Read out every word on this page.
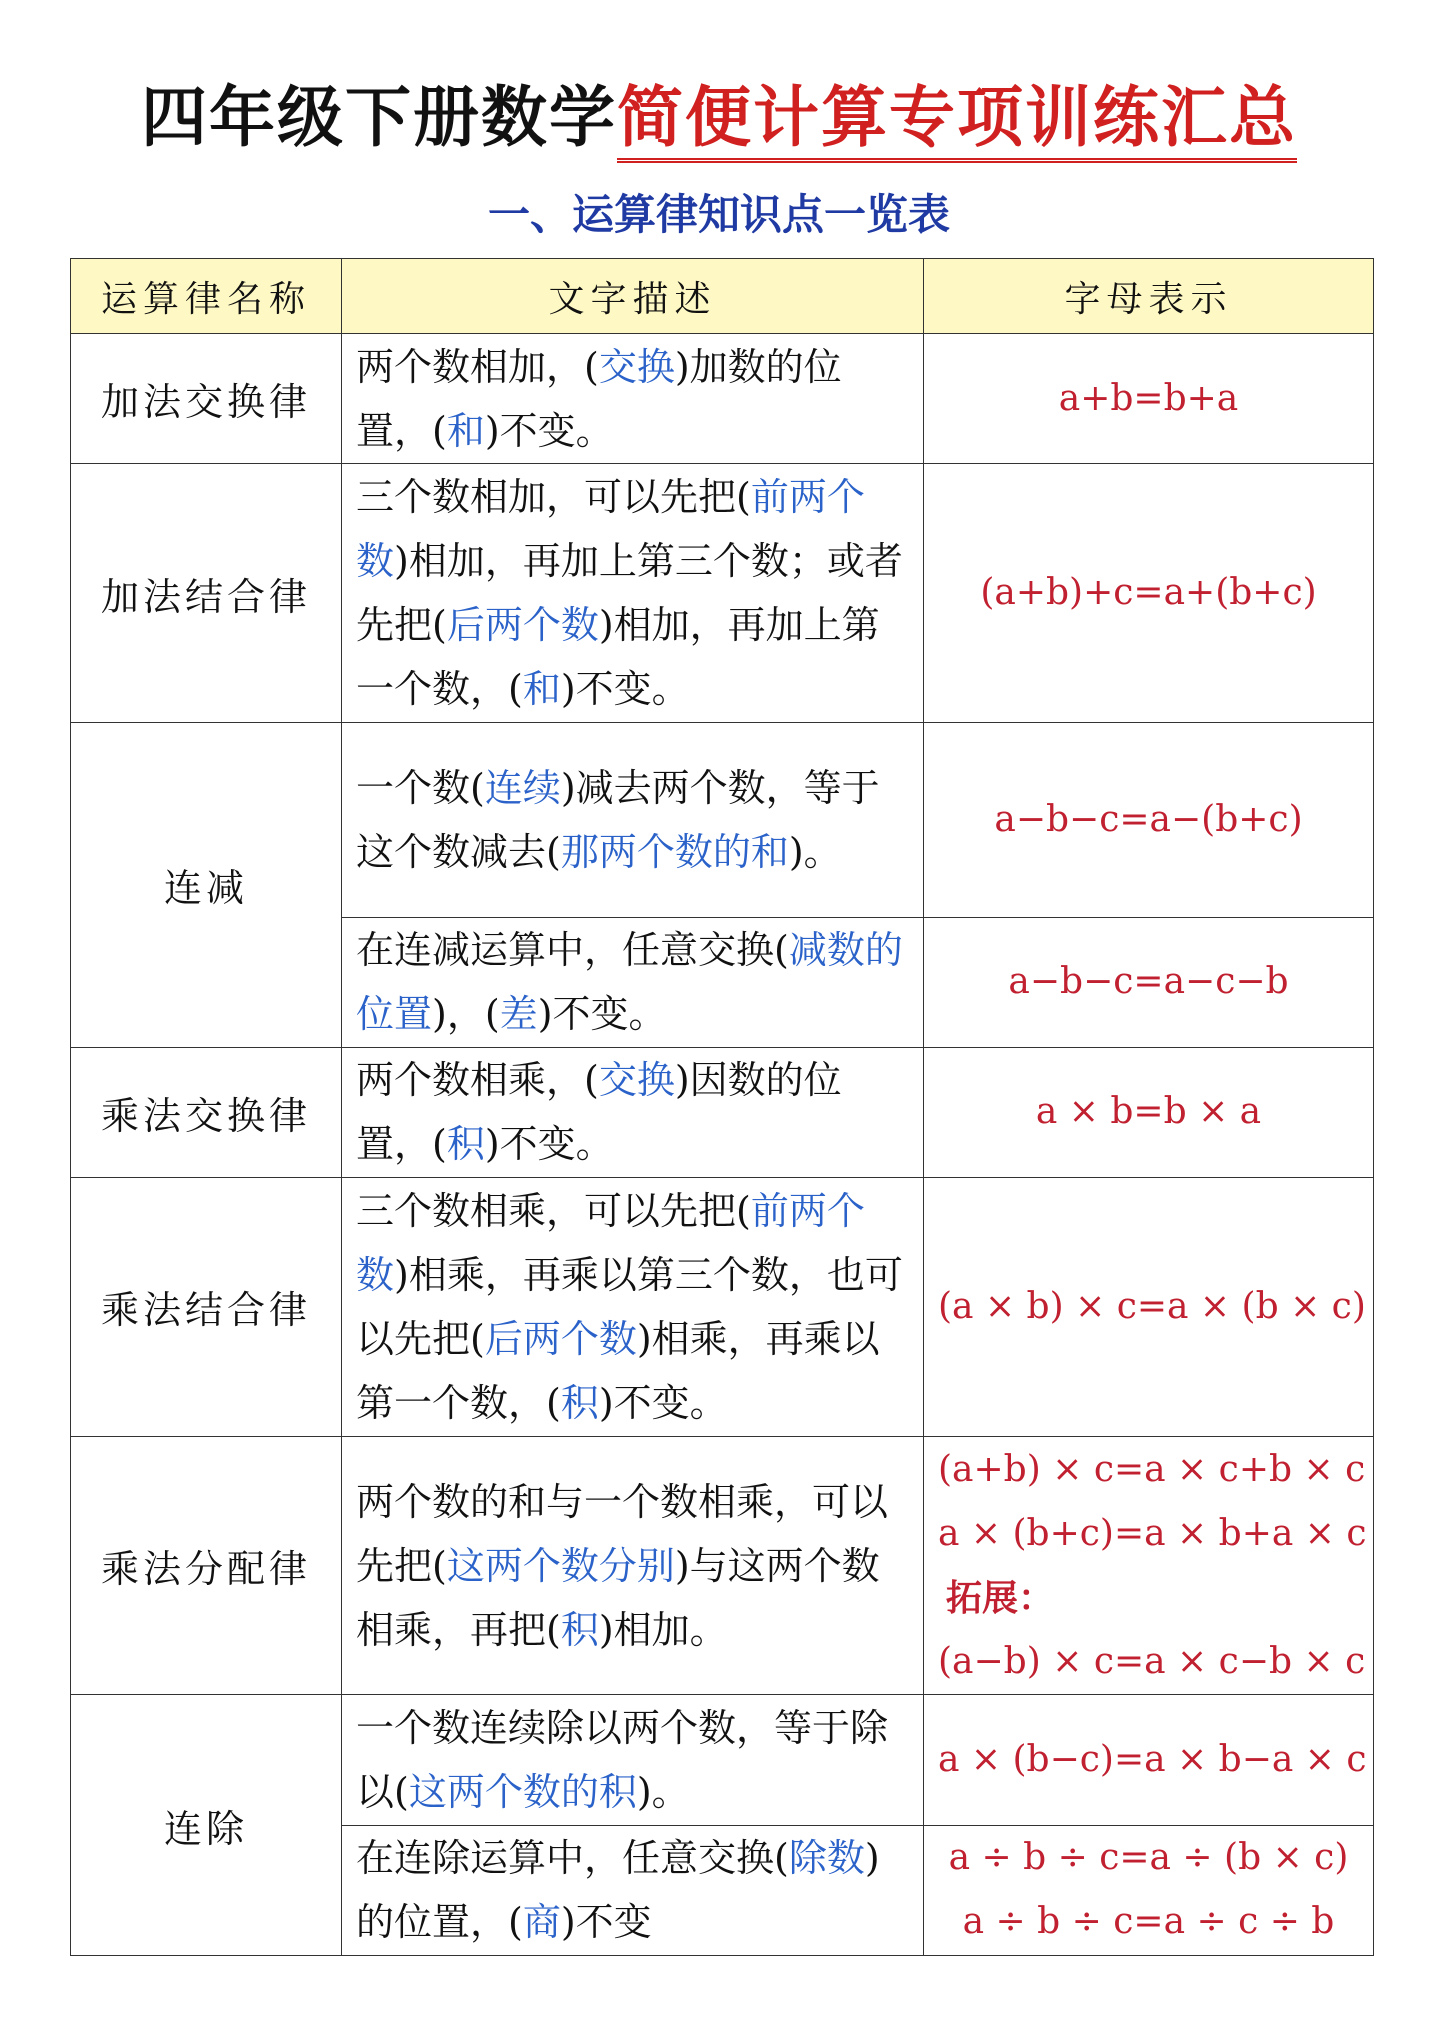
四年级下册数学简便计算专项训练汇总
一、运算律知识点一览表
运算律名称	文字描述	字母表示
加法交换律	两个数相加，(交换)加数的位置，(和)不变。	a+b=b+a

加法结合律	三个数相加，可以先把(前两个数)相加，再加上第三个数；或者先把(后两个数)相加，再加上第一个数，(和)不变。	(a+b)+c=a+(b+c)

连减	一个数(连续)减去两个数，等于这个数减去(那两个数的和)。	a−b−c=a−(b+c)

	在连减运算中，任意交换(减数的位置)，(差)不变。	a−b−c=a−c−b

乘法交换律	两个数相乘，(交换)因数的位置，(积)不变。	a × b=b × a

乘法结合律	三个数相乘，可以先把(前两个数)相乘，再乘以第三个数，也可以先把(后两个数)相乘，再乘以第一个数，(积)不变。	(a × b) × c=a × (b × c)

乘法分配律	两个数的和与一个数相乘，可以先把(这两个数分别)与这两个数相乘，再把(积)相加。	(a+b) × c=a × c+b × c
a × (b+c)=a × b+a × c
拓展：
(a−b) × c=a × c−b × c

连除	一个数连续除以两个数，等于除以(这两个数的积)。	a × (b−c)=a × b−a × c

	在连除运算中，任意交换(除数)的位置，(商)不变	a ÷ b ÷ c=a ÷ (b × c)
a ÷ b ÷ c=a ÷ c ÷ b
